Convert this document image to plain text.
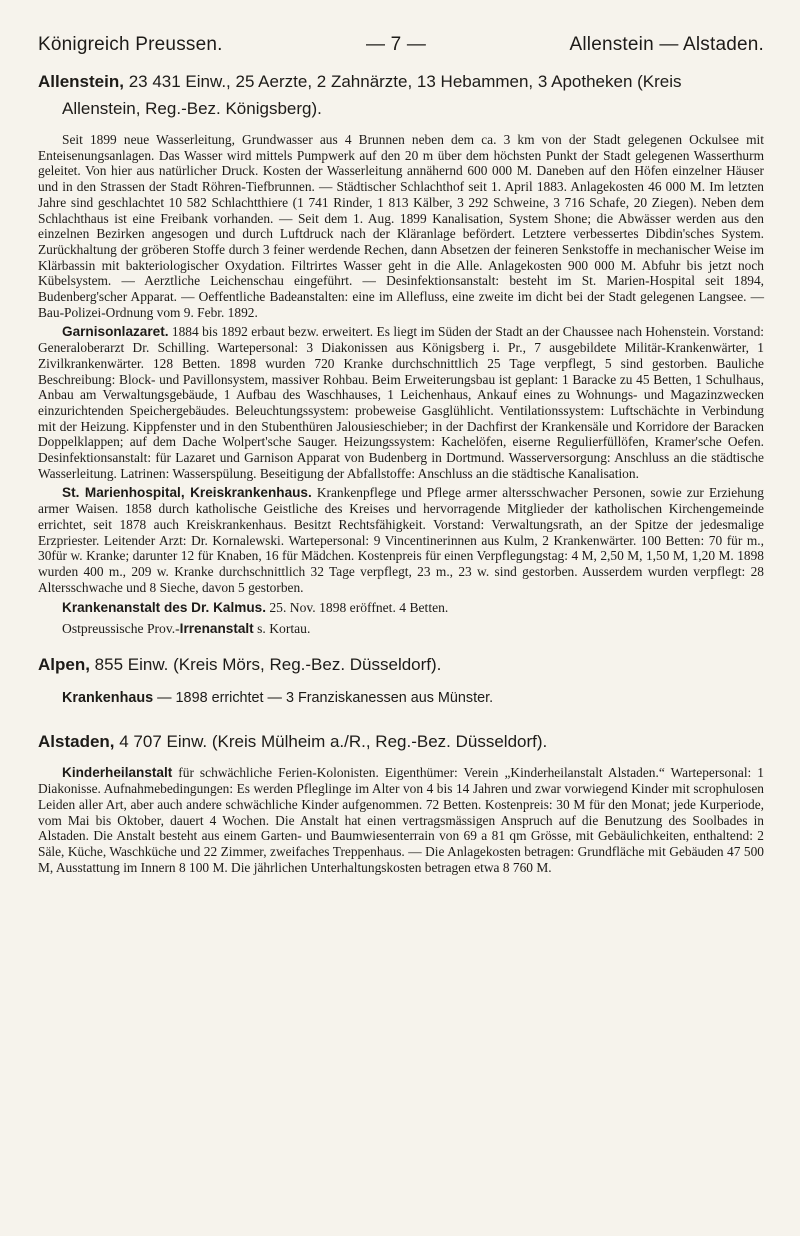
Königreich Preussen.	— 7 —	Allenstein — Alstaden.
Allenstein, 23 431 Einw., 25 Aerzte, 2 Zahnärzte, 13 Hebammen, 3 Apotheken (Kreis
Allenstein, Reg.-Bez. Königsberg).

Seit 1899 neue Wasserleitung, Grundwasser aus 4 Brunnen neben dem ca. 3 km von der Stadt gelegenen Ockulsee mit Enteisenungsanlagen. Das Wasser wird mittels Pumpwerk auf den 20 m über dem höchsten Punkt der Stadt gelegenen Wasserthurm geleitet. Von hier aus natürlicher Druck. Kosten der Wasserleitung annähernd 600 000 M. Daneben auf den Höfen einzelner Häuser und in den Strassen der Stadt Röhren-Tiefbrunnen. — Städtischer Schlachthof seit 1. April 1883. Anlagekosten 46 000 M. Im letzten Jahre sind geschlachtet 10 582 Schlachtthiere (1 741 Rinder, 1 813 Kälber, 3 292 Schweine, 3 716 Schafe, 20 Ziegen). Neben dem Schlachthaus ist eine Freibank vorhanden. — Seit dem 1. Aug. 1899 Kanalisation, System Shone; die Abwässer werden aus den einzelnen Bezirken angesogen und durch Luftdruck nach der Kläranlage befördert. Letztere verbessertes Dibdin'sches System. Zurückhaltung der gröberen Stoffe durch 3 feiner werdende Rechen, dann Absetzen der feineren Senkstoffe in mechanischer Weise im Klärbassin mit bakteriologischer Oxydation. Filtrirtes Wasser geht in die Alle. Anlagekosten 900 000 M. Abfuhr bis jetzt noch Kübelsystem. — Aerztliche Leichenschau eingeführt. — Desinfektionsanstalt: besteht im St. Marien-Hospital seit 1894, Budenberg'scher Apparat. — Oeffentliche Badeanstalten: eine im Allefluss, eine zweite im dicht bei der Stadt gelegenen Langsee. — Bau-Polizei-Ordnung vom 9. Febr. 1892.

Garnisonlazaret. 1884 bis 1892 erbaut bezw. erweitert. Es liegt im Süden der Stadt an der Chaussee nach Hohenstein. Vorstand: Generaloberarzt Dr. Schilling. Wartepersonal: 3 Diakonissen aus Königsberg i. Pr., 7 ausgebildete Militär-Krankenwärter, 1 Zivilkrankenwärter. 128 Betten. 1898 wurden 720 Kranke durchschnittlich 25 Tage verpflegt, 5 sind gestorben. Bauliche Beschreibung: Block- und Pavillonsystem, massiver Rohbau. Beim Erweiterungsbau ist geplant: 1 Baracke zu 45 Betten, 1 Schulhaus, Anbau am Verwaltungsgebäude, 1 Aufbau des Waschhauses, 1 Leichenhaus, Ankauf eines zu Wohnungs- und Magazinzwecken einzurichtenden Speichergebäudes. Beleuchtungssystem: probeweise Gasglühlicht. Ventilationssystem: Luftschächte in Verbindung mit der Heizung. Kippfenster und in den Stubenthüren Jalousieschieber; in der Dachfirst der Krankensäle und Korridore der Baracken Doppelklappen; auf dem Dache Wolpert'sche Sauger. Heizungssystem: Kachelöfen, eiserne Regulierfüllöfen, Kramer'sche Oefen. Desinfektionsanstalt: für Lazaret und Garnison Apparat von Budenberg in Dortmund. Wasserversorgung: Anschluss an die städtische Wasserleitung. Latrinen: Wasserspülung. Beseitigung der Abfallstoffe: Anschluss an die städtische Kanalisation.

St. Marienhospital, Kreiskrankenhaus. Krankenpflege und Pflege armer altersschwacher Personen, sowie zur Erziehung armer Waisen. 1858 durch katholische Geistliche des Kreises und hervorragende Mitglieder der katholischen Kirchengemeinde errichtet, seit 1878 auch Kreiskrankenhaus. Besitzt Rechtsfähigkeit. Vorstand: Verwaltungsrath, an der Spitze der jedesmalige Erzpriester. Leitender Arzt: Dr. Kornalewski. Wartepersonal: 9 Vincentinerinnen aus Kulm, 2 Krankenwärter. 100 Betten: 70 für m., 30für w. Kranke; darunter 12 für Knaben, 16 für Mädchen. Kostenpreis für einen Verpflegungstag: 4 M, 2,50 M, 1,50 M, 1,20 M. 1898 wurden 400 m., 209 w. Kranke durchschnittlich 32 Tage verpflegt, 23 m., 23 w. sind gestorben. Ausserdem wurden verpflegt: 28 Altersschwache und 8 Sieche, davon 5 gestorben.

Krankenanstalt des Dr. Kalmus. 25. Nov. 1898 eröffnet. 4 Betten.

Ostpreussische Prov.-Irrenanstalt s. Kortau.

Alpen, 855 Einw. (Kreis Mörs, Reg.-Bez. Düsseldorf).
Krankenhaus — 1898 errichtet — 3 Franziskanessen aus Münster.
Alstaden, 4 707 Einw. (Kreis Mülheim a./R., Reg.-Bez. Düsseldorf).

Kinderheilanstalt für schwächliche Ferien-Kolonisten. Eigenthümer: Verein „Kinderheilanstalt Alstaden.“ Wartepersonal: 1 Diakonisse. Aufnahmebedingungen: Es werden Pfleglinge im Alter von 4 bis 14 Jahren und zwar vorwiegend Kinder mit scrophulosen Leiden aller Art, aber auch andere schwächliche Kinder aufgenommen. 72 Betten. Kostenpreis: 30 M für den Monat; jede Kurperiode, vom Mai bis Oktober, dauert 4 Wochen. Die Anstalt hat einen vertragsmässigen Anspruch auf die Benutzung des Soolbades in Alstaden. Die Anstalt besteht aus einem Garten- und Baumwiesenterrain von 69 a 81 qm Grösse, mit Gebäulichkeiten, enthaltend: 2 Säle, Küche, Waschküche und 22 Zimmer, zweifaches Treppenhaus. — Die Anlagekosten betragen: Grundfläche mit Gebäuden 47 500 M, Ausstattung im Innern 8 100 M. Die jährlichen Unterhaltungskosten betragen etwa 8 760 M.
